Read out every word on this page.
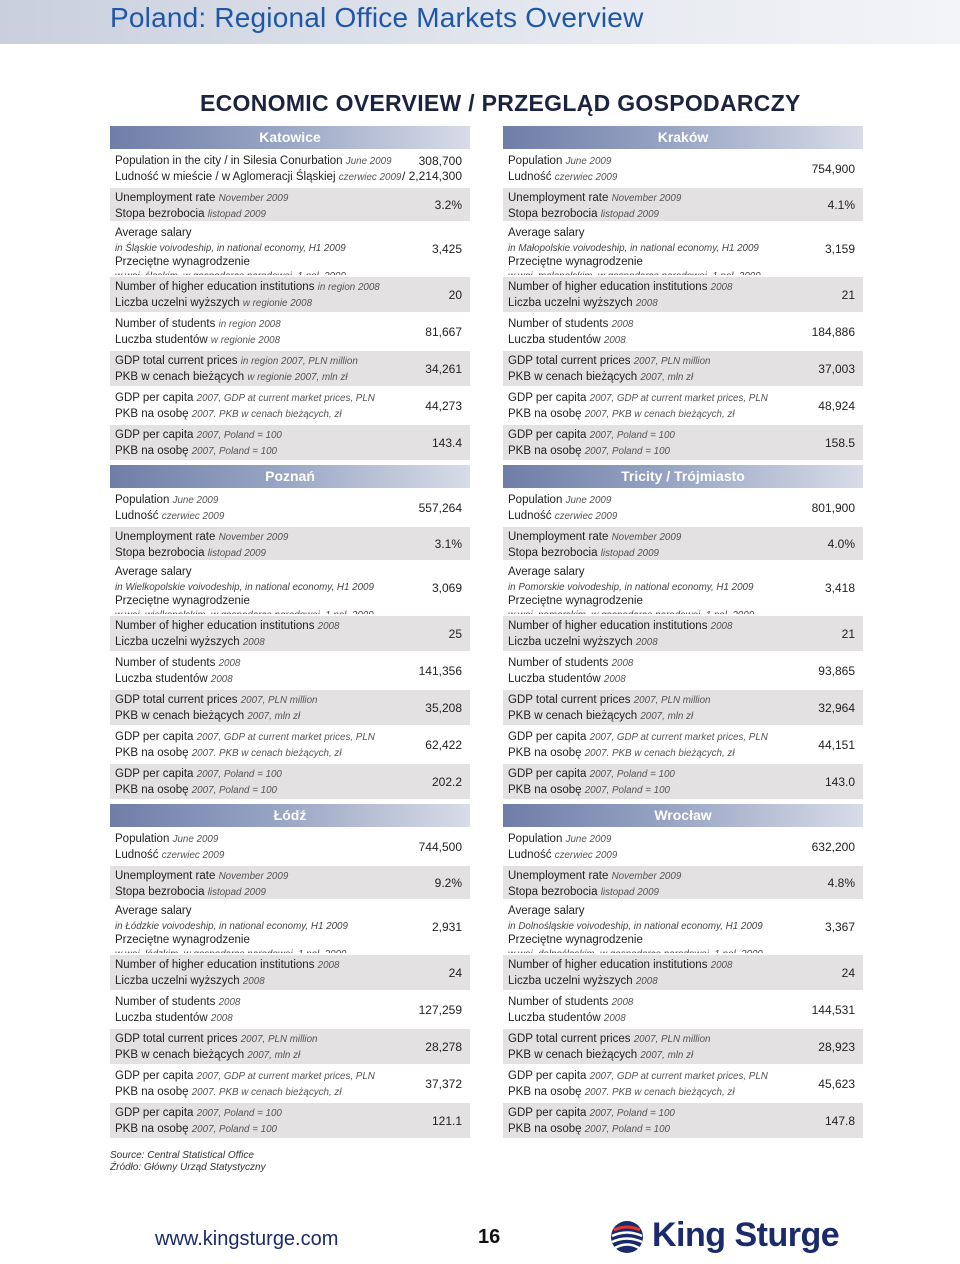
Poland: Regional Office Markets Overview
ECONOMIC OVERVIEW / PRZEGLĄD GOSPODARCZY
Katowice
Population in the city / in Silesia Conurbation June 2009
Ludność w mieście / w Aglomeracji Śląskiej czerwiec 2009
308,700
/ 2,214,300
Unemployment rate November 2009
Stopa bezrobocia listopad 2009
3.2%
Average salary
in Śląskie voivodeship, in national economy, H1 2009
Przeciętne wynagrodzenie
3,425
Number of higher education institutions in region 2008
Liczba uczelni wyższych w regionie 2008
20
Number of students in region 2008
Luczba studentów w regionie 2008
81,667
GDP total current prices in region 2007, PLN million
PKB w cenach bieżących w regionie 2007, mln zł
34,261
GDP per capita 2007, GDP at current market prices, PLN
PKB na osobę 2007. PKB w cenach bieżących, zł
44,273
GDP per capita 2007, Poland = 100
PKB na osobę 2007, Poland = 100
143.4
Kraków
Population June 2009
Ludność czerwiec 2009
754,900
Unemployment rate November 2009
Stopa bezrobocia listopad 2009
4.1%
Average salary
in Małopolskie voivodeship, in national economy, H1 2009
Przeciętne wynagrodzenie
3,159
Number of higher education institutions 2008
Liczba uczelni wyższych 2008
21
Number of students 2008
Luczba studentów 2008
184,886
GDP total current prices 2007, PLN million
PKB w cenach bieżących 2007, mln zł
37,003
GDP per capita 2007, GDP at current market prices, PLN
PKB na osobę 2007, PKB w cenach bieżących, zł
48,924
GDP per capita 2007, Poland = 100
PKB na osobę 2007, Poland = 100
158.5
Poznań
Population June 2009
Ludność czerwiec 2009
557,264
Unemployment rate November 2009
Stopa bezrobocia listopad 2009
3.1%
Average salary
in Wielkopolskie voivodeship, in national economy, H1 2009
Przeciętne wynagrodzenie
3,069
Number of higher education institutions 2008
Liczba uczelni wyższych 2008
25
Number of students 2008
Luczba studentów 2008
141,356
GDP total current prices 2007, PLN million
PKB w cenach bieżących 2007, mln zł
35,208
GDP per capita 2007, GDP at current market prices, PLN
PKB na osobę 2007. PKB w cenach bieżących, zł
62,422
GDP per capita 2007, Poland = 100
PKB na osobę 2007, Poland = 100
202.2
Tricity / Trójmiasto
Population June 2009
Ludność czerwiec 2009
801,900
Unemployment rate November 2009
Stopa bezrobocia listopad 2009
4.0%
Average salary
in Pomorskie voivodeship, in national economy, H1 2009
Przeciętne wynagrodzenie
3,418
Number of higher education institutions 2008
Liczba uczelni wyższych 2008
21
Number of students 2008
Luczba studentów 2008
93,865
GDP total current prices 2007, PLN million
PKB w cenach bieżących 2007, mln zł
32,964
GDP per capita 2007, GDP at current market prices, PLN
PKB na osobę 2007. PKB w cenach bieżących, zł
44,151
GDP per capita 2007, Poland = 100
PKB na osobę 2007, Poland = 100
143.0
Łódź
Population June 2009
Ludność czerwiec 2009
744,500
Unemployment rate November 2009
Stopa bezrobocia listopad 2009
9.2%
Average salary
in Łódzkie voivodeship, in national economy, H1 2009
Przeciętne wynagrodzenie
2,931
Number of higher education institutions 2008
Liczba uczelni wyższych 2008
24
Number of students 2008
Luczba studentów 2008
127,259
GDP total current prices 2007, PLN million
PKB w cenach bieżących 2007, mln zł
28,278
GDP per capita 2007, GDP at current market prices, PLN
PKB na osobę 2007. PKB w cenach bieżących, zł
37,372
GDP per capita 2007, Poland = 100
PKB na osobę 2007, Poland = 100
121.1
Wrocław
Population June 2009
Ludność czerwiec 2009
632,200
Unemployment rate November 2009
Stopa bezrobocia listopad 2009
4.8%
Average salary
in Dolnośląskie voivodeship, in national economy, H1 2009
Przeciętne wynagrodzenie
3,367
Number of higher education institutions 2008
Liczba uczelni wyższych 2008
24
Number of students 2008
Luczba studentów 2008
144,531
GDP total current prices 2007, PLN million
PKB w cenach bieżących 2007, mln zł
28,923
GDP per capita 2007, GDP at current market prices, PLN
PKB na osobę 2007. PKB w cenach bieżących, zł
45,623
GDP per capita 2007, Poland = 100
PKB na osobę 2007, Poland = 100
147.8
Source: Central Statistical Office
Źródło: Główny Urząd Statystyczny
www.kingsturge.com	16	King Sturge
